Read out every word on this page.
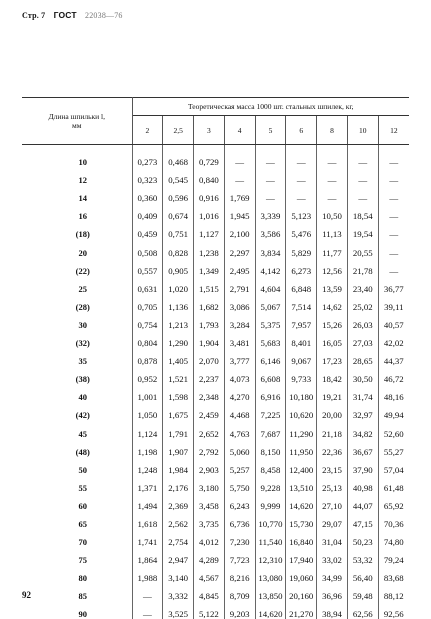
Стр. 7 ГОСТ 22038—76
Длина шпильки l,
мм	Теоретическая масса 1000 шт. стальных шпилек, кг,								
	2	2,5	3	4	5	6	8	10	12
10	0,273	0,468	0,729	—	—	—	—	—	—
12	0,323	0,545	0,840	—	—	—	—	—	—
14	0,360	0,596	0,916	1,769	—	—	—	—	—
16	0,409	0,674	1,016	1,945	3,339	5,123	10,50	18,54	—
(18)	0,459	0,751	1,127	2,100	3,586	5,476	11,13	19,54	—
20	0,508	0,828	1,238	2,297	3,834	5,829	11,77	20,55	—
(22)	0,557	0,905	1,349	2,495	4,142	6,273	12,56	21,78	—
25	0,631	1,020	1,515	2,791	4,604	6,848	13,59	23,40	36,77
(28)	0,705	1,136	1,682	3,086	5,067	7,514	14,62	25,02	39,11
30	0,754	1,213	1,793	3,284	5,375	7,957	15,26	26,03	40,57
(32)	0,804	1,290	1,904	3,481	5,683	8,401	16,05	27,03	42,02
35	0,878	1,405	2,070	3,777	6,146	9,067	17,23	28,65	44,37
(38)	0,952	1,521	2,237	4,073	6,608	9,733	18,42	30,50	46,72
40	1,001	1,598	2,348	4,270	6,916	10,180	19,21	31,74	48,16
(42)	1,050	1,675	2,459	4,468	7,225	10,620	20,00	32,97	49,94
45	1,124	1,791	2,652	4,763	7,687	11,290	21,18	34,82	52,60
(48)	1,198	1,907	2,792	5,060	8,150	11,950	22,36	36,67	55,27
50	1,248	1,984	2,903	5,257	8,458	12,400	23,15	37,90	57,04
55	1,371	2,176	3,180	5,750	9,228	13,510	25,13	40,98	61,48
60	1,494	2,369	3,458	6,243	9,999	14,620	27,10	44,07	65,92
65	1,618	2,562	3,735	6,736	10,770	15,730	29,07	47,15	70,36
70	1,741	2,754	4,012	7,230	11,540	16,840	31,04	50,23	74,80
75	1,864	2,947	4,289	7,723	12,310	17,940	33,02	53,32	79,24
80	1,988	3,140	4,567	8,216	13,080	19,060	34,99	56,40	83,68
85	—	3,332	4,845	8,709	13,850	20,160	36,96	59,48	88,12
90	—	3,525	5,122	9,203	14,620	21,270	38,94	62,56	92,56
92
